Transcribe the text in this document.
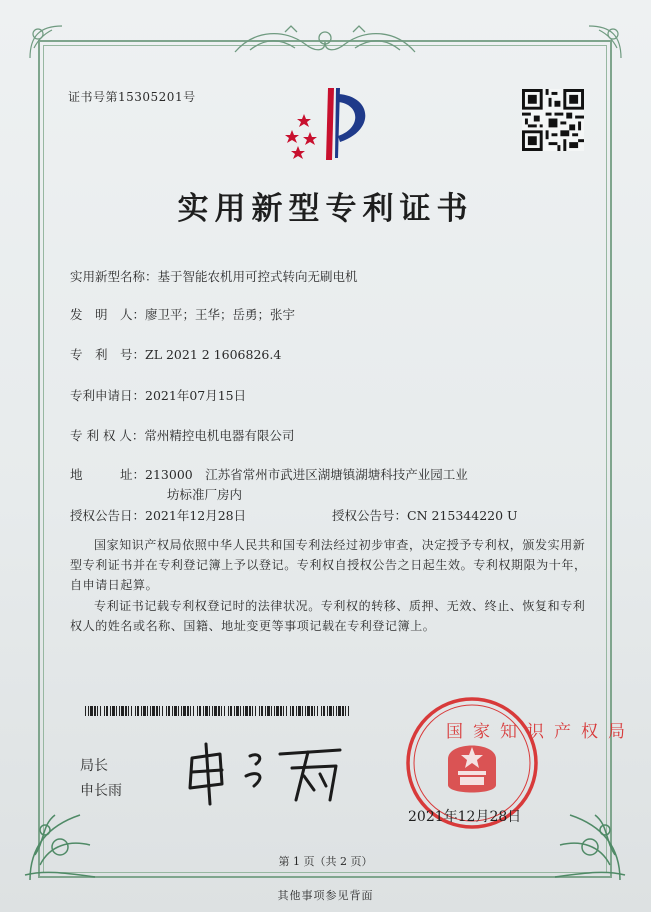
证书号第15305201号
实用新型专利证书
实用新型名称：基于智能农机用可控式转向无刷电机
发　明　人：廖卫平；王华；岳勇；张宇
专　利　号：ZL 2021 2 1606826.4
专利申请日：2021年07月15日
专 利 权 人：常州精控电机电器有限公司
地　　　址：213000　江苏省常州市武进区湖塘镇湖塘科技产业园工业
坊标准厂房内
授权公告日：2021年12月28日	授权公告号：CN 215344220 U
国家知识产权局依照中华人民共和国专利法经过初步审查，决定授予专利权，颁发实用新型专利证书并在专利登记簿上予以登记。专利权自授权公告之日起生效。专利权期限为十年，自申请日起算。
专利证书记载专利权登记时的法律状况。专利权的转移、质押、无效、终止、恢复和专利权人的姓名或名称、国籍、地址变更等事项记载在专利登记簿上。
局长
申长雨
国家知识产权局
2021年12月28日
第 1 页（共 2 页）
其他事项参见背面
